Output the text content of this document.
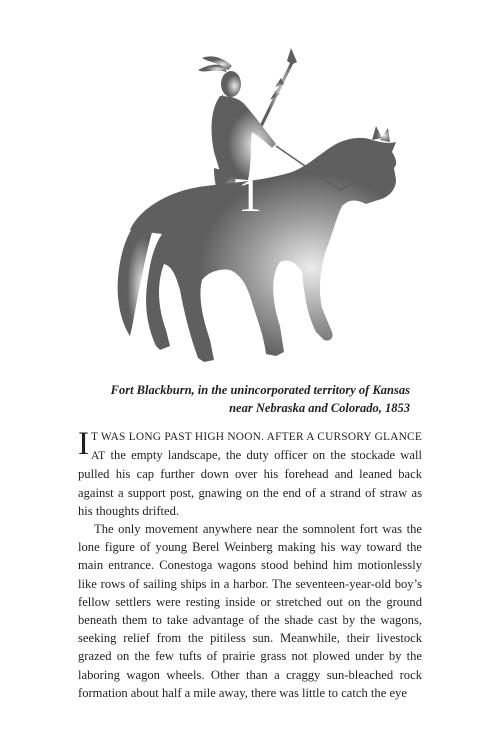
1
Fort Blackburn, in the unincorporated territory of Kansas
near Nebraska and Colorado, 1853

I T WAS LONG PAST HIGH NOON. AFTER A CURSORY GLANCE AT the empty landscape, the duty officer on the stockade wall pulled his cap further down over his forehead and leaned back against a support post, gnawing on the end of a strand of straw as his thoughts drifted.

The only movement anywhere near the somnolent fort was the lone figure of young Berel Weinberg making his way toward the main entrance. Conestoga wagons stood behind him motionlessly like rows of sailing ships in a harbor. The seventeen-year-old boy’s fellow settlers were resting inside or stretched out on the ground beneath them to take advantage of the shade cast by the wagons, seeking relief from the pitiless sun. Meanwhile, their livestock grazed on the few tufts of prairie grass not plowed under by the laboring wagon wheels. Other than a craggy sun-bleached rock formation about half a mile away, there was little to catch the eye
